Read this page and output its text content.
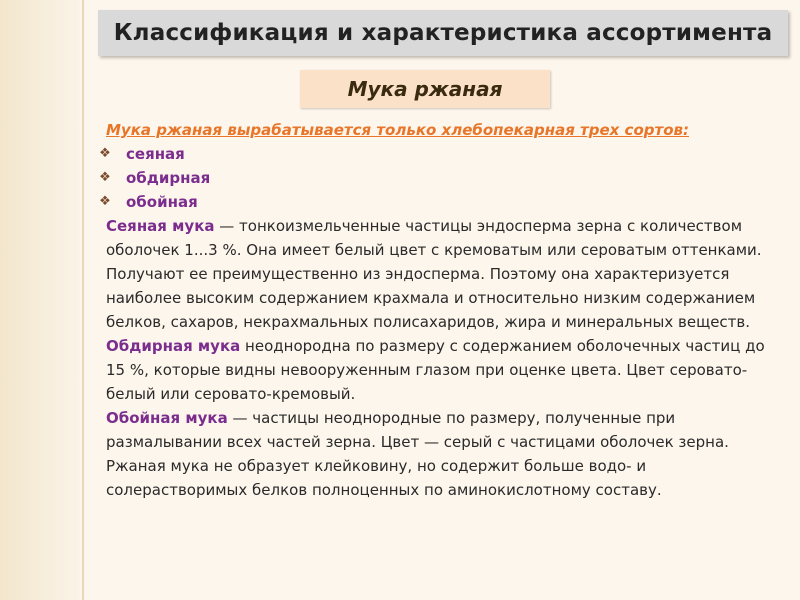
Классификация и характеристика ассортимента
Мука ржаная

Мука ржаная вырабатывается только хлебопекарная трех сортов:

❖ сеяная
❖ обдирная
❖ обойная

Сеяная мука — тонкоизмельченные частицы эндосперма зерна с количеством оболочек 1...3 %. Она имеет белый цвет с кремоватым или сероватым оттенками. Получают ее преимущественно из эндосперма. Поэтому она характеризуется наиболее высоким содержанием крахмала и относительно низким содержанием белков, сахаров, некрахмальных полисахаридов, жира и минеральных веществ.

Обдирная мука неоднородна по размеру с содержанием оболочечных частиц до 15 %, которые видны невооруженным глазом при оценке цвета. Цвет серовато-белый или серовато-кремовый.

Обойная мука — частицы неоднородные по размеру, полученные при размалывании всех частей зерна. Цвет — серый с частицами оболочек зерна.

Ржаная мука не образует клейковину, но содержит больше водо- и солерастворимых белков полноценных по аминокислотному составу.
